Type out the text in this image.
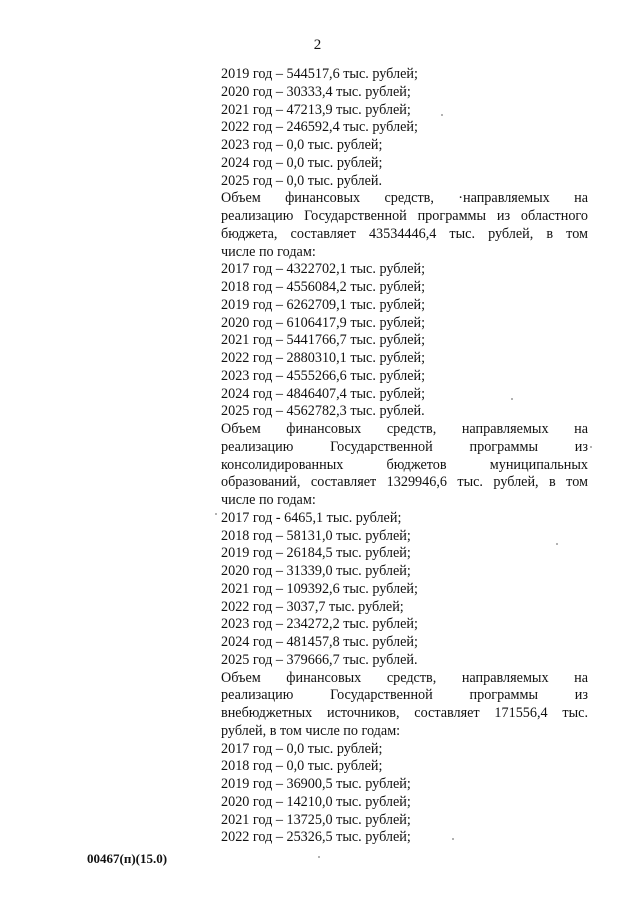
2
2019 год – 544517,6 тыс. рублей;
2020 год – 30333,4 тыс. рублей;
2021 год – 47213,9 тыс. рублей;
2022 год – 246592,4 тыс. рублей;
2023 год – 0,0 тыс. рублей;
2024 год – 0,0 тыс. рублей;
2025 год – 0,0 тыс. рублей.
Объем финансовых средств, ·направляемых на
реализацию Государственной программы из областного
бюджета, составляет 43534446,4 тыс. рублей, в том
числе по годам:
2017 год – 4322702,1 тыс. рублей;
2018 год – 4556084,2 тыс. рублей;
2019 год – 6262709,1 тыс. рублей;
2020 год – 6106417,9 тыс. рублей;
2021 год – 5441766,7 тыс. рублей;
2022 год – 2880310,1 тыс. рублей;
2023 год – 4555266,6 тыс. рублей;
2024 год – 4846407,4 тыс. рублей;
2025 год – 4562782,3 тыс. рублей.
Объем финансовых средств, направляемых на
реализацию Государственной программы из
консолидированных бюджетов муниципальных
образований, составляет 1329946,6 тыс. рублей, в том
числе по годам:
2017 год - 6465,1 тыс. рублей;
2018 год – 58131,0 тыс. рублей;
2019 год – 26184,5 тыс. рублей;
2020 год – 31339,0 тыс. рублей;
2021 год – 109392,6 тыс. рублей;
2022 год – 3037,7 тыс. рублей;
2023 год – 234272,2 тыс. рублей;
2024 год – 481457,8 тыс. рублей;
2025 год – 379666,7 тыс. рублей.
Объем финансовых средств, направляемых на
реализацию Государственной программы из
внебюджетных источников, составляет 171556,4 тыс.
рублей, в том числе по годам:
2017 год – 0,0 тыс. рублей;
2018 год – 0,0 тыс. рублей;
2019 год – 36900,5 тыс. рублей;
2020 год – 14210,0 тыс. рублей;
2021 год – 13725,0 тыс. рублей;
2022 год – 25326,5 тыс. рублей;
00467(п)(15.0)
